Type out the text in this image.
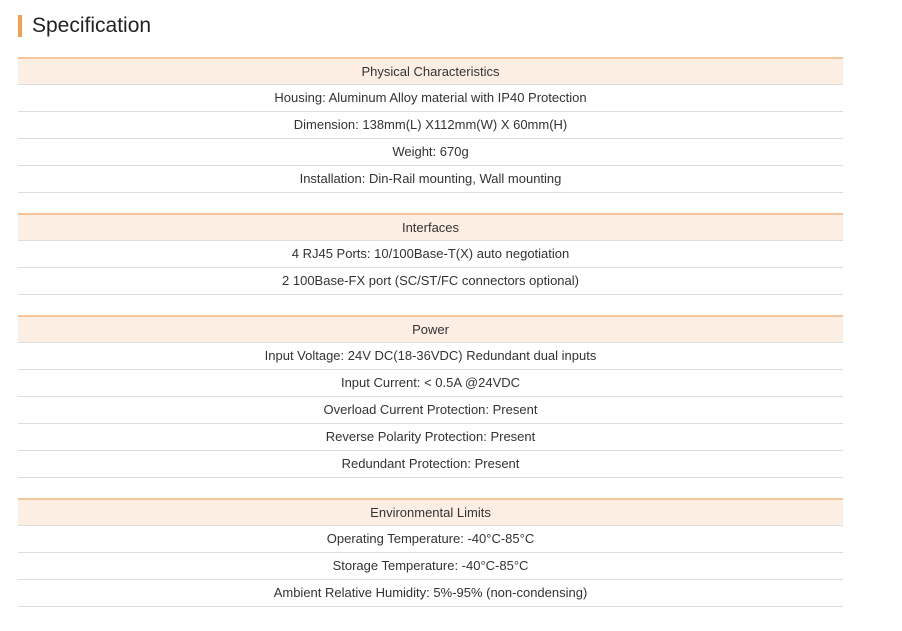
Specification
Physical Characteristics
Housing: Aluminum Alloy material with IP40 Protection
Dimension: 138mm(L) X112mm(W) X 60mm(H)
Weight: 670g
Installation: Din-Rail mounting, Wall mounting
Interfaces
4 RJ45 Ports: 10/100Base-T(X) auto negotiation
2 100Base-FX port (SC/ST/FC connectors optional)
Power
Input Voltage: 24V DC(18-36VDC) Redundant dual inputs
Input Current: < 0.5A @24VDC
Overload Current Protection: Present
Reverse Polarity Protection: Present
Redundant Protection: Present
Environmental Limits
Operating Temperature: -40°C-85°C
Storage Temperature: -40°C-85°C
Ambient Relative Humidity: 5%-95% (non-condensing)
